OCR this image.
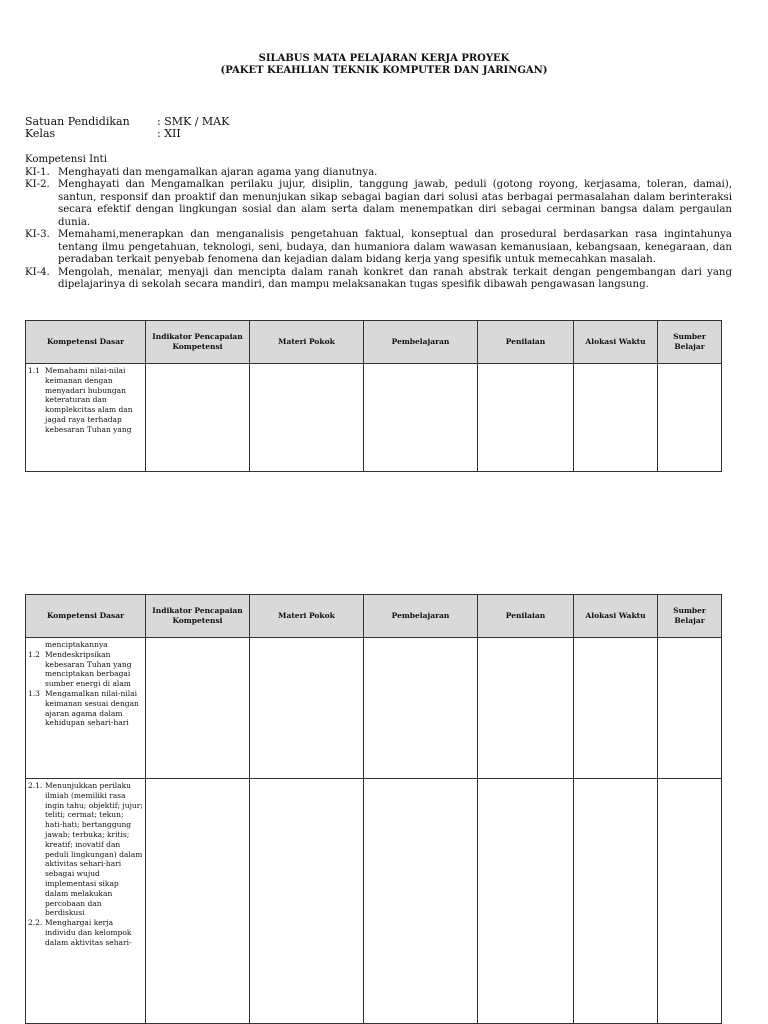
SILABUS MATA PELAJARAN KERJA PROYEK
(PAKET KEAHLIAN TEKNIK KOMPUTER DAN JARINGAN)
Satuan Pendidikan : SMK / MAK
Kelas	: XII

Kompetensi Inti

KI-1. Menghayati dan mengamalkan ajaran agama yang dianutnya.
KI-2. Menghayati dan Mengamalkan perilaku jujur, disiplin, tanggung jawab, peduli (gotong royong, kerjasama, toleran, damai), santun, responsif dan proaktif dan menunjukan sikap sebagai bagian dari solusi atas berbagai permasalahan dalam berinteraksi secara efektif dengan lingkungan sosial dan alam serta dalam menempatkan diri sebagai cerminan bangsa dalam pergaulan dunia.
KI-3. Memahami,menerapkan dan menganalisis pengetahuan faktual, konseptual dan prosedural berdasarkan rasa ingintahunya tentang ilmu pengetahuan, teknologi, seni, budaya, dan humaniora dalam wawasan kemanusiaan, kebangsaan, kenegaraan, dan peradaban terkait penyebab fenomena dan kejadian dalam bidang kerja yang spesifik untuk memecahkan masalah.
KI-4. Mengolah, menalar, menyaji dan mencipta dalam ranah konkret dan ranah abstrak terkait dengan pengembangan dari yang dipelajarinya di sekolah secara mandiri, dan mampu melaksanakan tugas spesifik dibawah pengawasan langsung.
Kompetensi Dasar	Indikator Pencapaian Kompetensi	Materi Pokok	Pembelajaran	Penilaian	Alokasi Waktu	Sumber Belajar

1.1 Memahami nilai-nilai keimanan dengan menyadari hubungan keteraturan dan komplekcitas alam dan jagad raya terhadap kebesaran Tuhan yang						

Kompetensi Dasar	Indikator Pencapaian Kompetensi	Materi Pokok	Pembelajaran	Penilaian	Alokasi Waktu	Sumber Belajar

menciptakannya
1.2 Mendeskripsikan kebesaran Tuhan yang menciptakan berbagai sumber energi di alam
1.3 Mengamalkan nilai-nilai keimanan sesuai dengan ajaran agama dalam kehidupan sehari-hari						

2.1. Menunjukkan perilaku ilmiah (memiliki rasa ingin tahu; objektif; jujur; teliti; cermat; tekun; hati-hati; bertanggung jawab; terbuka; kritis; kreatif; inovatif dan peduli lingkungan) dalam aktivitas sehari-hari sebagai wujud implementasi sikap dalam melakukan percobaan dan berdiskusi
2.2. Menghargai kerja individu dan kelompok dalam aktivitas sehari-						
